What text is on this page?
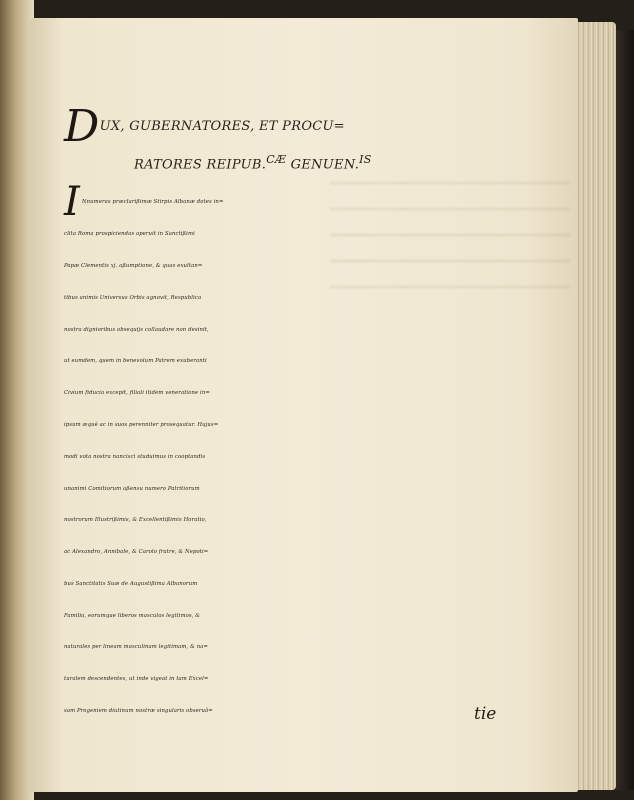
DUX, GUBERNATORES, ET PROCU=
RATORES REIPUB.$^{CÆ}$ GENUEN.$^{IS}$
I Nnumeras præclarißimæ Stirpis Albanæ dotes in=
clita Roma prospiciendas aperuit in Sanctißimi
Papæ Clementis xj. aßumptione, & quas exultan=
tibus animis Universus Orbis agnovit, Respublica
nostra dignioribus obsequijs collaudare non desinit,
ut eumdem, quem in benevolum Patrem exuberanti
Civium fiducia excepit, filiali itidem veneratione in=
ipsum æquè ac in suos perenniter prosequatur. Hujus=
modi vota nostra nancisci studuimus in cooptandis
unanimi Comitiorum aßensu numero Patritiorum
nostrorum Illustrißimis, & Excellentißimis Horatio,
ac Alexandro, Annibale, & Carolo fratre, & Nepoti=
bus Sanctitatis Suæ de Augustißima Albanorum
Familia, eorumque liberos masculos legitimos, &
naturales per lineam masculinam legitimam, & na=
turalem descendentes, ut inde vigeat in tam Excel=
sam Progeniem diutinum nostræ singularis obseruã=	tie
